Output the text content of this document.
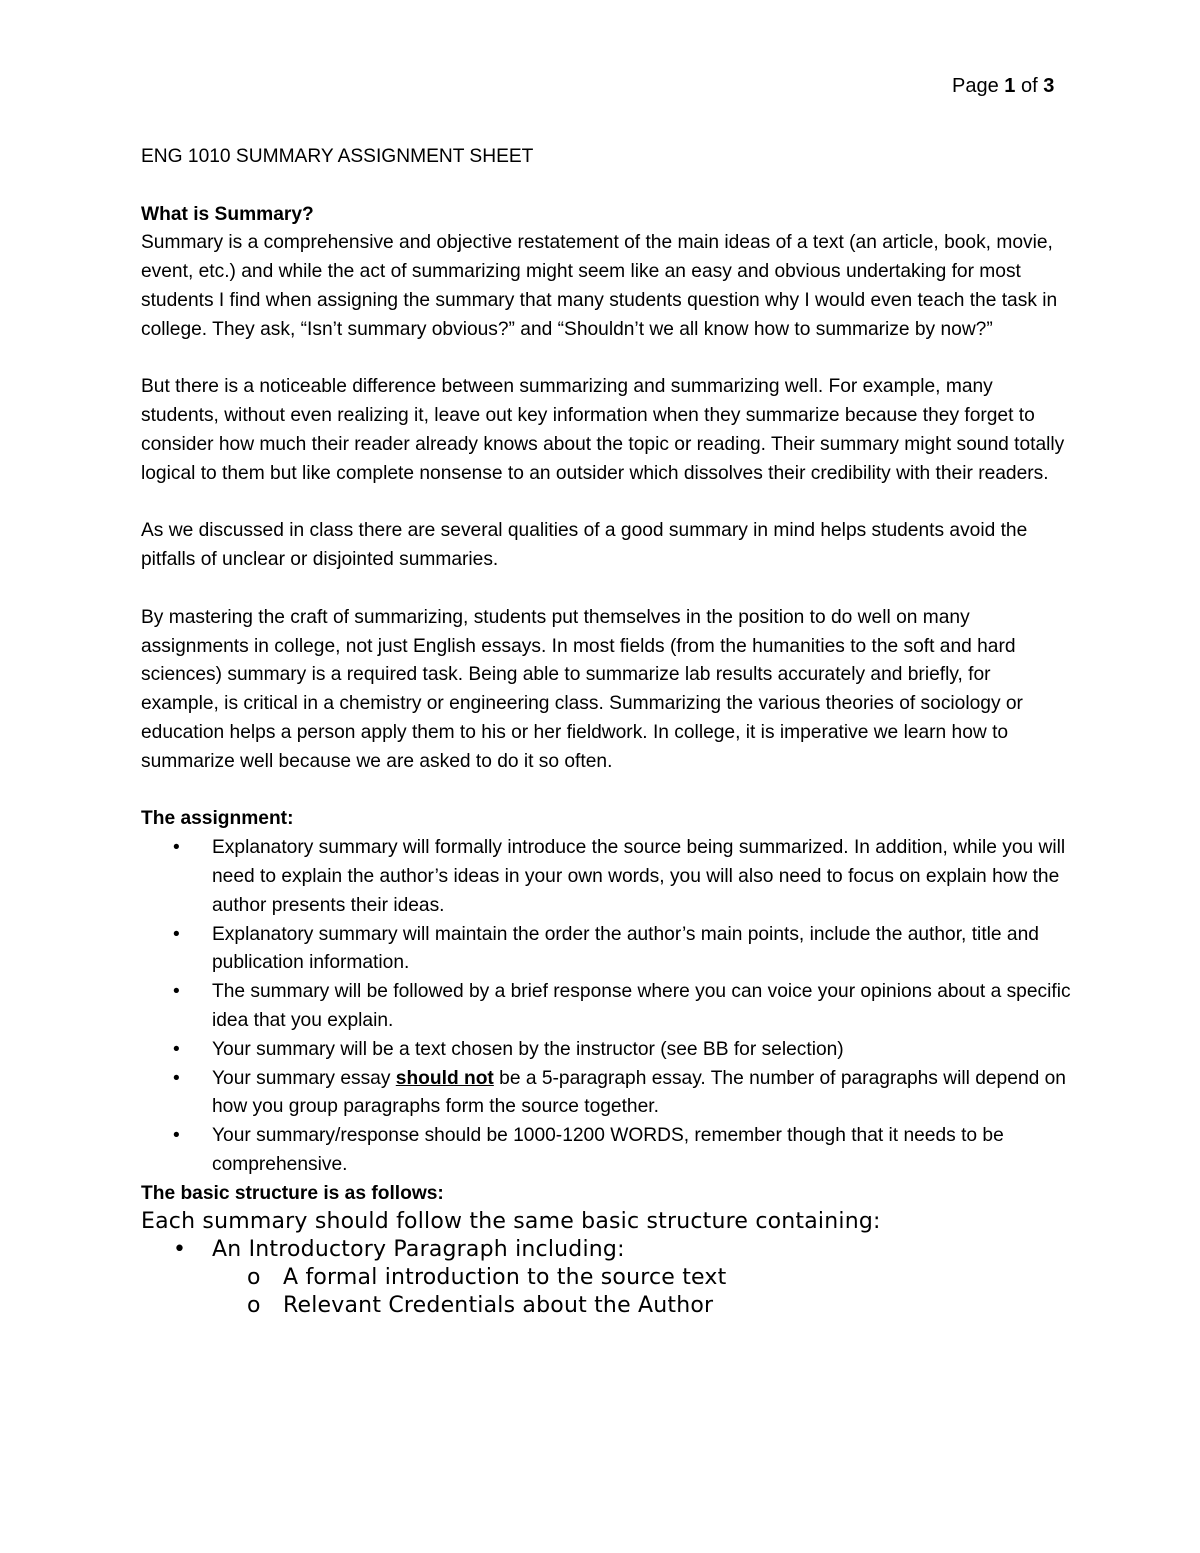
Page 1 of 3
ENG 1010 SUMMARY ASSIGNMENT SHEET
What is Summary?

Summary is a comprehensive and objective restatement of the main ideas of a text (an article, book, movie, event, etc.) and while the act of summarizing might seem like an easy and obvious undertaking for most students I find when assigning the summary that many students question why I would even teach the task in college. They ask, “Isn’t summary obvious?” and “Shouldn’t we all know how to summarize by now?”

But there is a noticeable difference between summarizing and summarizing well. For example, many students, without even realizing it, leave out key information when they summarize because they forget to consider how much their reader already knows about the topic or reading. Their summary might sound totally logical to them but like complete nonsense to an outsider which dissolves their credibility with their readers.

As we discussed in class there are several qualities of a good summary in mind helps students avoid the pitfalls of unclear or disjointed summaries.

By mastering the craft of summarizing, students put themselves in the position to do well on many assignments in college, not just English essays. In most fields (from the humanities to the soft and hard sciences) summary is a required task. Being able to summarize lab results accurately and briefly, for example, is critical in a chemistry or engineering class. Summarizing the various theories of sociology or education helps a person apply them to his or her fieldwork. In college, it is imperative we learn how to summarize well because we are asked to do it so often.

The assignment:
• Explanatory summary will formally introduce the source being summarized. In addition, while you will need to explain the author’s ideas in your own words, you will also need to focus on explain how the author presents their ideas.
• Explanatory summary will maintain the order the author’s main points, include the author, title and publication information.
• The summary will be followed by a brief response where you can voice your opinions about a specific idea that you explain.
• Your summary will be a text chosen by the instructor (see BB for selection)
• Your summary essay should not be a 5-paragraph essay. The number of paragraphs will depend on how you group paragraphs form the source together.
• Your summary/response should be 1000-1200 WORDS, remember though that it needs to be comprehensive.
The basic structure is as follows:

Each summary should follow the same basic structure containing:

• An Introductory Paragraph including:
o A formal introduction to the source text
o Relevant Credentials about the Author
